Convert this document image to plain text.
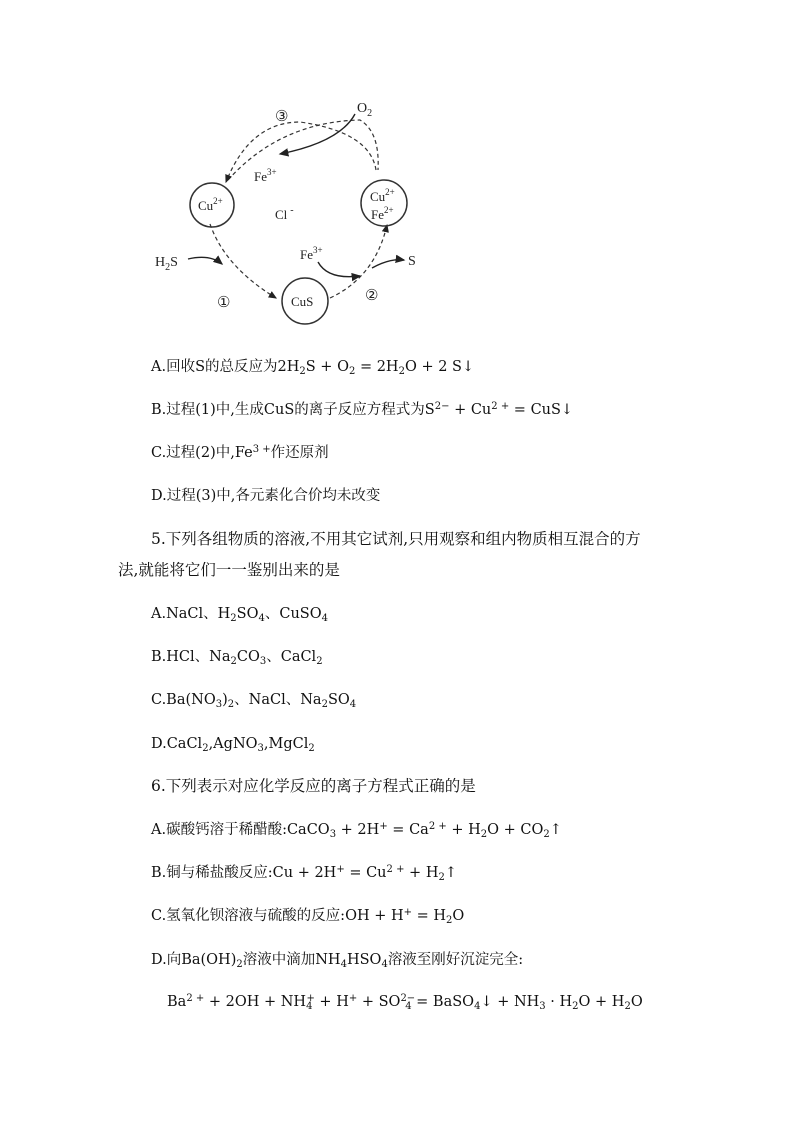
③
$O_2$
$Fe^{3+}$
$Cu^{2+}$
Cl -
$Cu^{2+}$
$Fe^{2+}$
$H_2S$
$Fe^{3+}$
S
①	CuS	②
A.回收S的总反应为$2H_2S + O_2 = 2H_2O + 2$ S↓
B.过程(1)中,生成CuS的离子反应方程式为$S^{2-} + Cu^{2 +}$ = CuS↓
C.过程(2)中$,Fe^{3 +}$作还原剂
D.过程(3)中,各元素化合价均未改变
5.下列各组物质的溶液,不用其它试剂,只用观察和组内物质相互混合的方
法,就能将它们一一鉴别出来的是
A.NaCl、$H_2SO_4$、CuSO$_4$
B.HCl、$Na_2CO_3$、CaCl$_2$
$C.Ba(NO_3)_2$、NaCl、$Na_2SO_4$
D.CaCl$_2$,AgNO$_3$,MgCl$_2$
6.下列表示对应化学反应的离子方程式正确的是
A.碳酸钙溶于稀醋酸:CaCO$_3$ + $2H^+ = Ca^{2 +} + H_2O$ + $CO_2↑$
B.铜与稀盐酸反应:Cu + $2H^+ = Cu^{2 +}$ + $H_2↑$
C.氢氧化钡溶液与硫酸的反应:OH + $H^+ = H_2O$
D.向$Ba(OH)_2$溶液中滴加$NH_4HSO_4$溶液至刚好沉淀完全:
$Ba^{2 +} + 2OH + NH_4^+ + H^+ + SO^{2-}_4$ = BaSO$_4$↓ + $NH_3 \cdot H_2O + H_2O$
